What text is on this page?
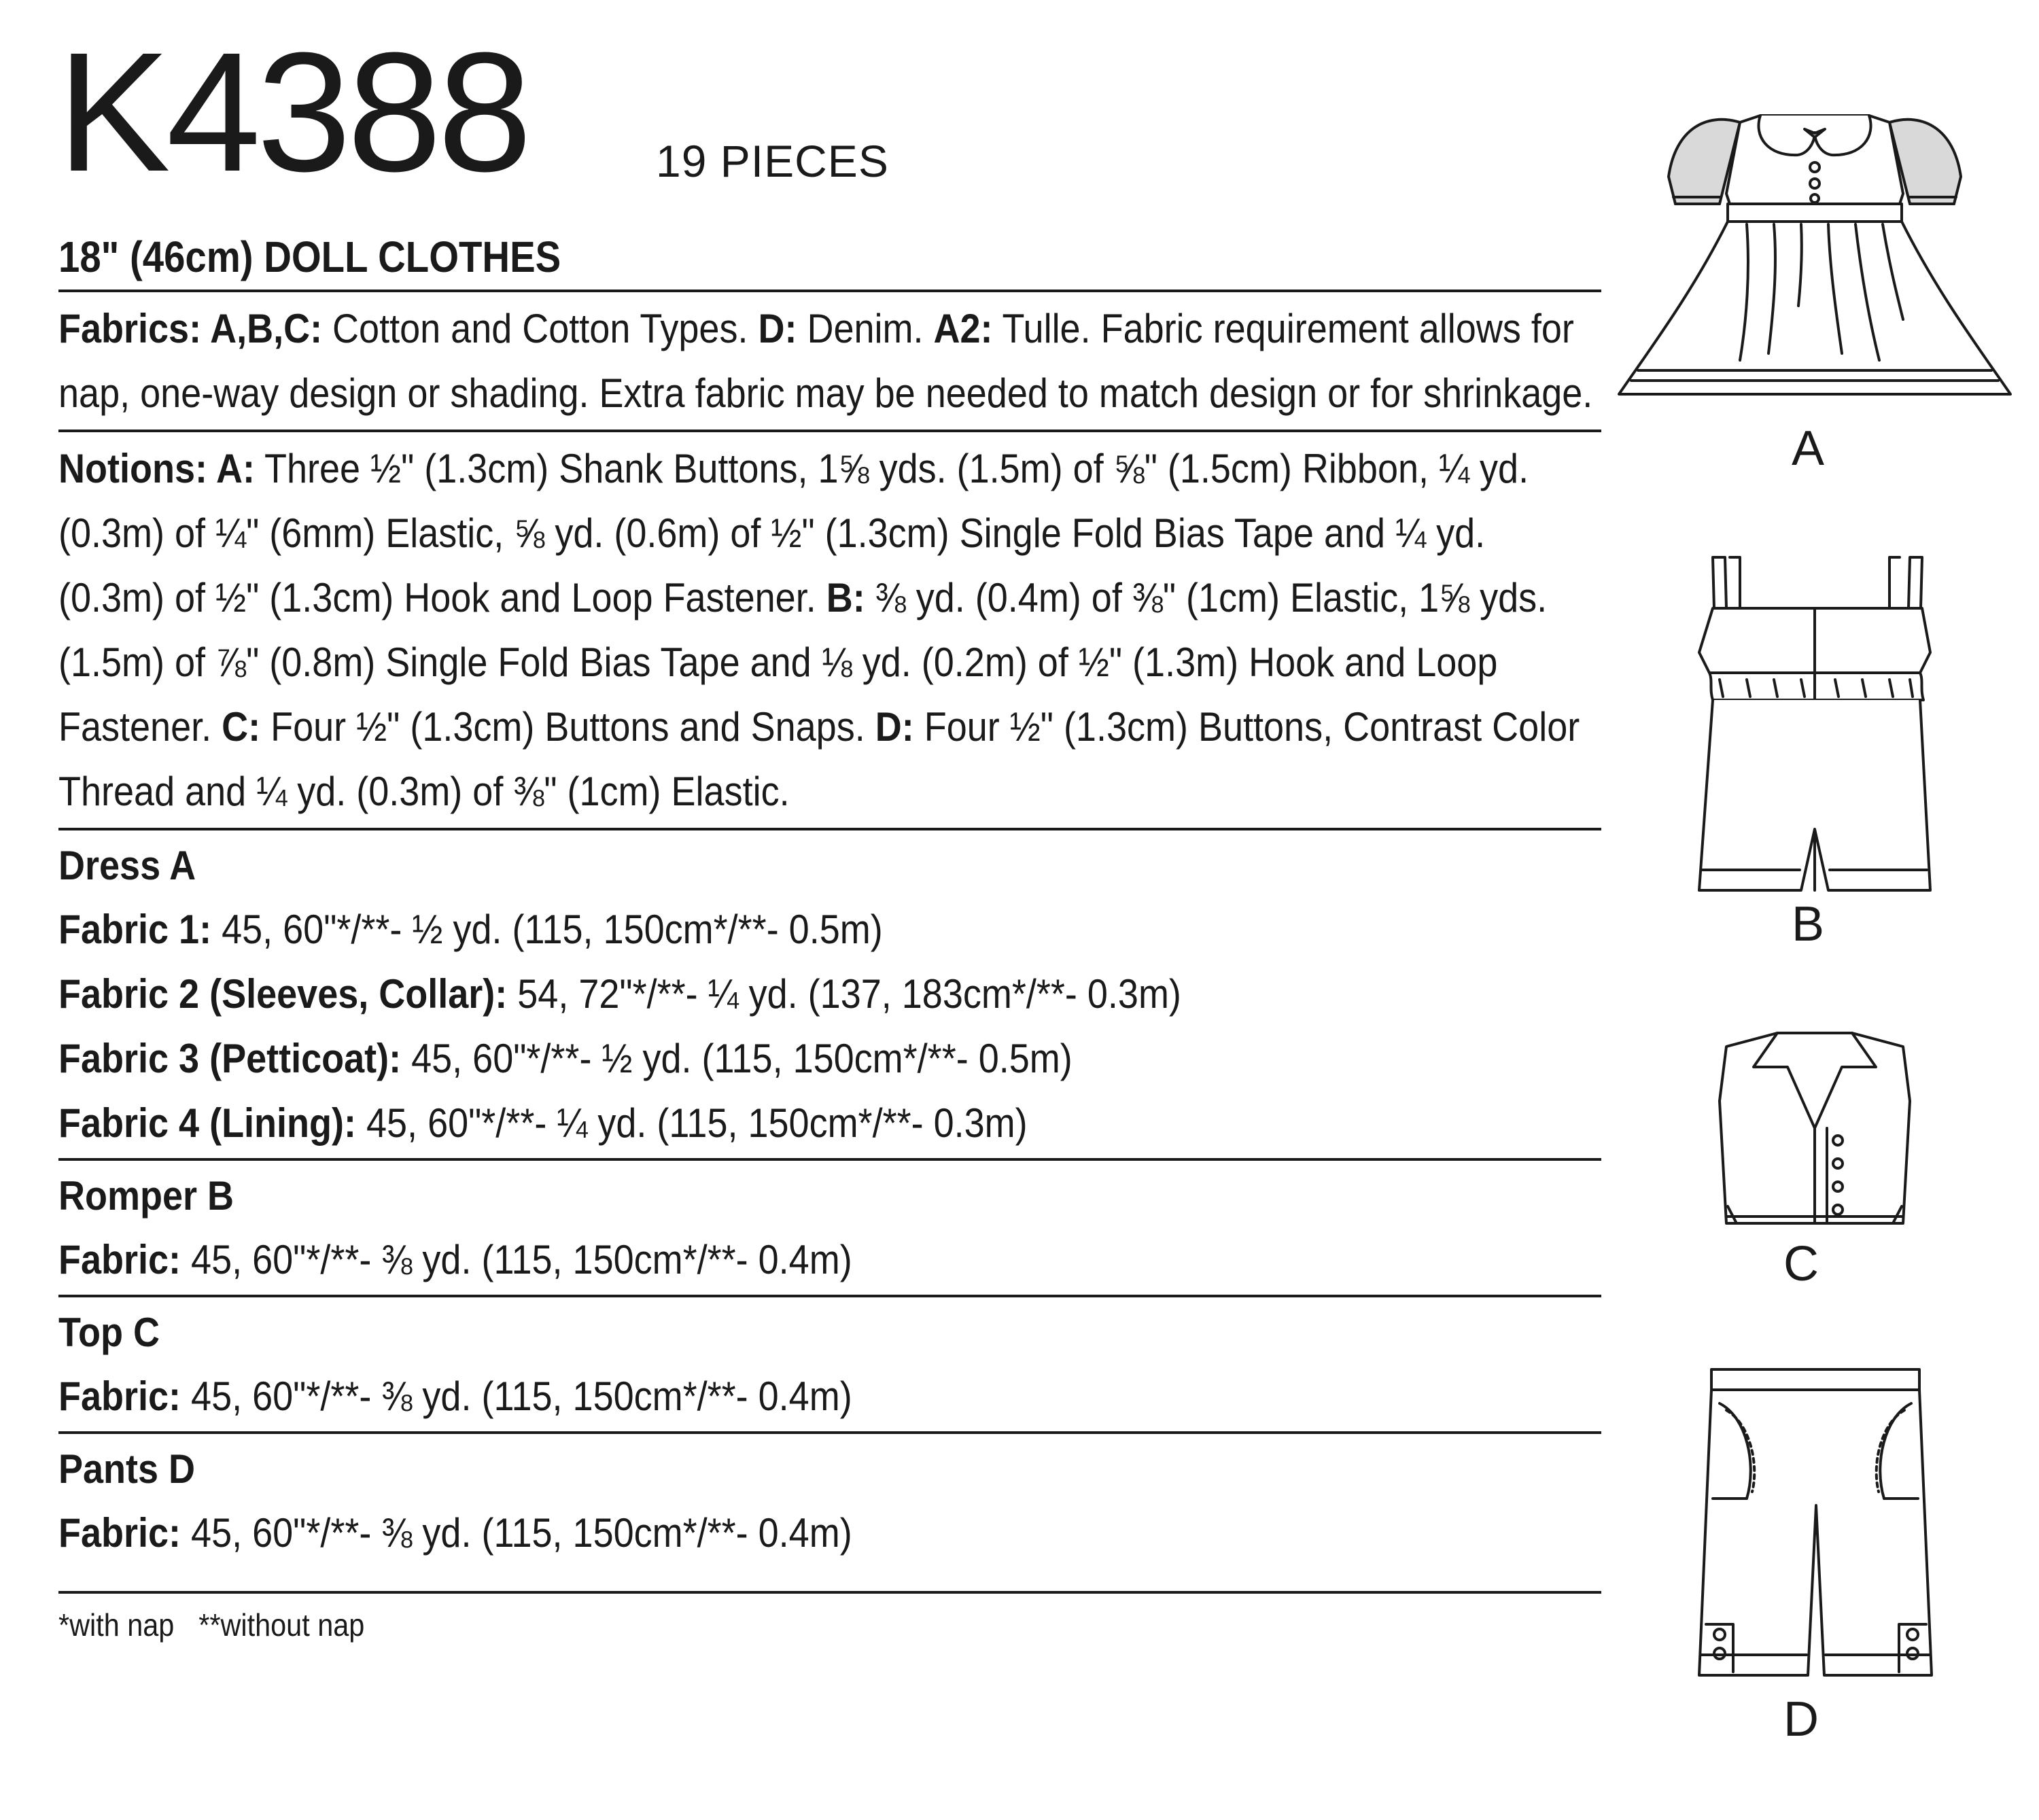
K4388	19 PIECES
18" (46cm) DOLL CLOTHES

Fabrics: A,B,C: Cotton and Cotton Types. D: Denim. A2: Tulle. Fabric requirement allows for nap, one-way design or shading. Extra fabric may be needed to match design or for shrinkage.

Notions: A: Three ½" (1.3cm) Shank Buttons, 1⅝ yds. (1.5m) of ⅝" (1.5cm) Ribbon, ¼ yd. (0.3m) of ¼" (6mm) Elastic, ⅝ yd. (0.6m) of ½" (1.3cm) Single Fold Bias Tape and ¼ yd. (0.3m) of ½" (1.3cm) Hook and Loop Fastener. B: ⅜ yd. (0.4m) of ⅜" (1cm) Elastic, 1⅝ yds. (1.5m) of ⅞" (0.8m) Single Fold Bias Tape and ⅛ yd. (0.2m) of ½" (1.3m) Hook and Loop Fastener. C: Four ½" (1.3cm) Buttons and Snaps. D: Four ½" (1.3cm) Buttons, Contrast Color Thread and ¼ yd. (0.3m) of ⅜" (1cm) Elastic.

Dress A
Fabric 1: 45, 60"*/**- ½ yd. (115, 150cm*/**- 0.5m)
Fabric 2 (Sleeves, Collar): 54, 72"*/**- ¼ yd. (137, 183cm*/**- 0.3m)
Fabric 3 (Petticoat): 45, 60"*/**- ½ yd. (115, 150cm*/**- 0.5m)
Fabric 4 (Lining): 45, 60"*/**- ¼ yd. (115, 150cm*/**- 0.3m)
Romper B
Fabric: 45, 60"*/**- ⅜ yd. (115, 150cm*/**- 0.4m)
Top C
Fabric: 45, 60"*/**- ⅜ yd. (115, 150cm*/**- 0.4m)
Pants D
Fabric: 45, 60"*/**- ⅜ yd. (115, 150cm*/**- 0.4m)
*with nap **without nap
A
B
C
D
